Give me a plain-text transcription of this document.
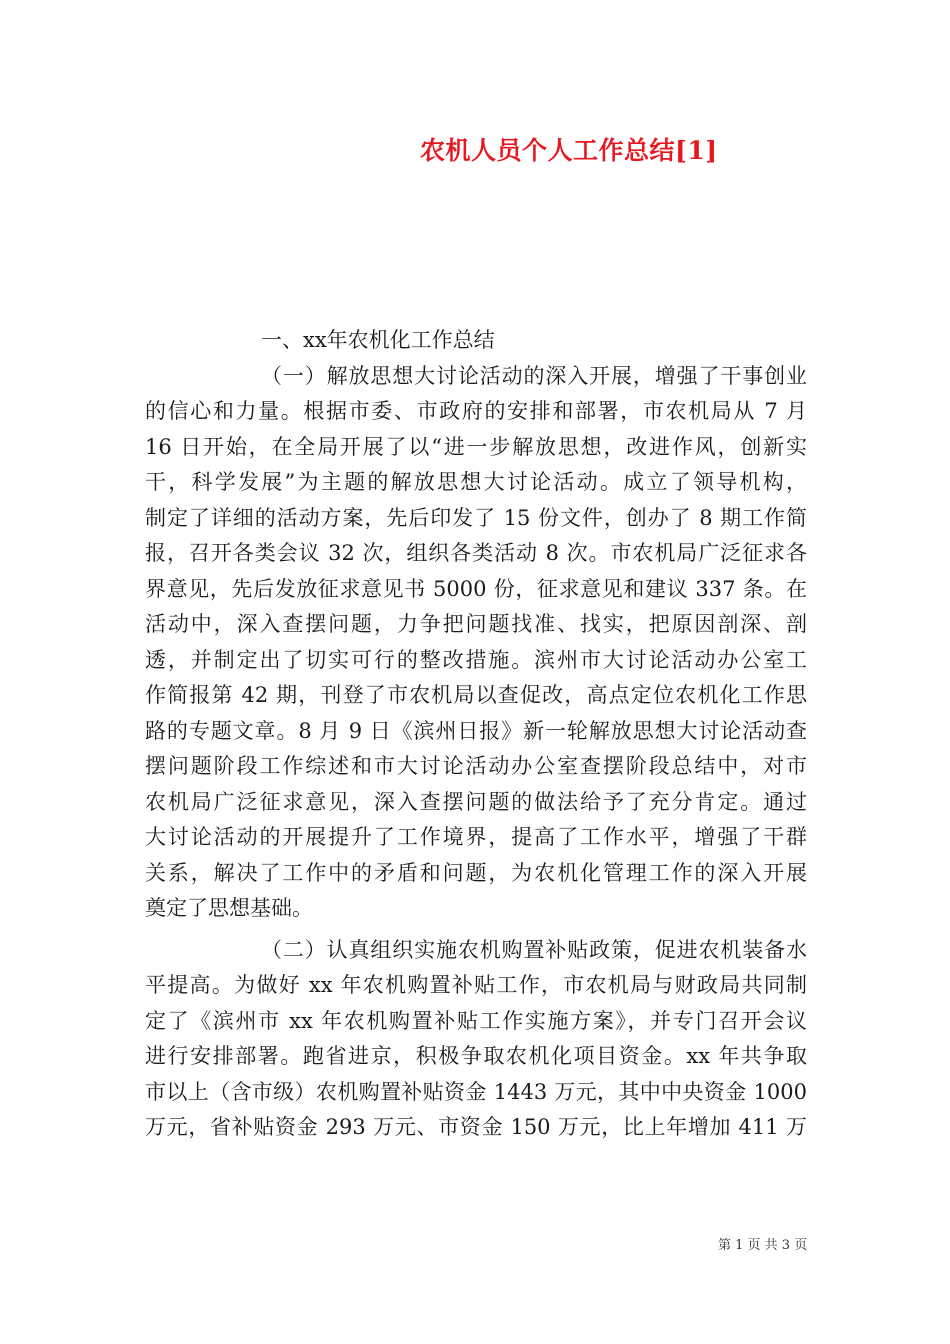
农机人员个人工作总结[1]
一、xx年农机化工作总结
（一）解放思想大讨论活动的深入开展，增强了干事创业
的信心和力量。根据市委、市政府的安排和部署，市农机局从 7 月
16 日开始，在全局开展了以“进一步解放思想，改进作风，创新实
干，科学发展”为主题的解放思想大讨论活动。成立了领导机构，
制定了详细的活动方案，先后印发了 15 份文件，创办了 8 期工作简
报，召开各类会议 32 次，组织各类活动 8 次。市农机局广泛征求各
界意见，先后发放征求意见书 5000 份，征求意见和建议 337 条。在
活动中，深入查摆问题，力争把问题找准、找实，把原因剖深、剖
透，并制定出了切实可行的整改措施。滨州市大讨论活动办公室工
作简报第 42 期，刊登了市农机局以查促改，高点定位农机化工作思
路的专题文章。8 月 9 日《滨州日报》新一轮解放思想大讨论活动查
摆问题阶段工作综述和市大讨论活动办公室查摆阶段总结中，对市
农机局广泛征求意见，深入查摆问题的做法给予了充分肯定。通过
大讨论活动的开展提升了工作境界，提高了工作水平，增强了干群
关系，解决了工作中的矛盾和问题，为农机化管理工作的深入开展
奠定了思想基础。
（二）认真组织实施农机购置补贴政策，促进农机装备水
平提高。为做好 xx 年农机购置补贴工作，市农机局与财政局共同制
定了《滨州市 xx 年农机购置补贴工作实施方案》，并专门召开会议
进行安排部署。跑省进京，积极争取农机化项目资金。xx 年共争取
市以上（含市级）农机购置补贴资金 1443 万元，其中中央资金 1000
万元，省补贴资金 293 万元、市资金 150 万元，比上年增加 411 万
第 1 页 共 3 页
